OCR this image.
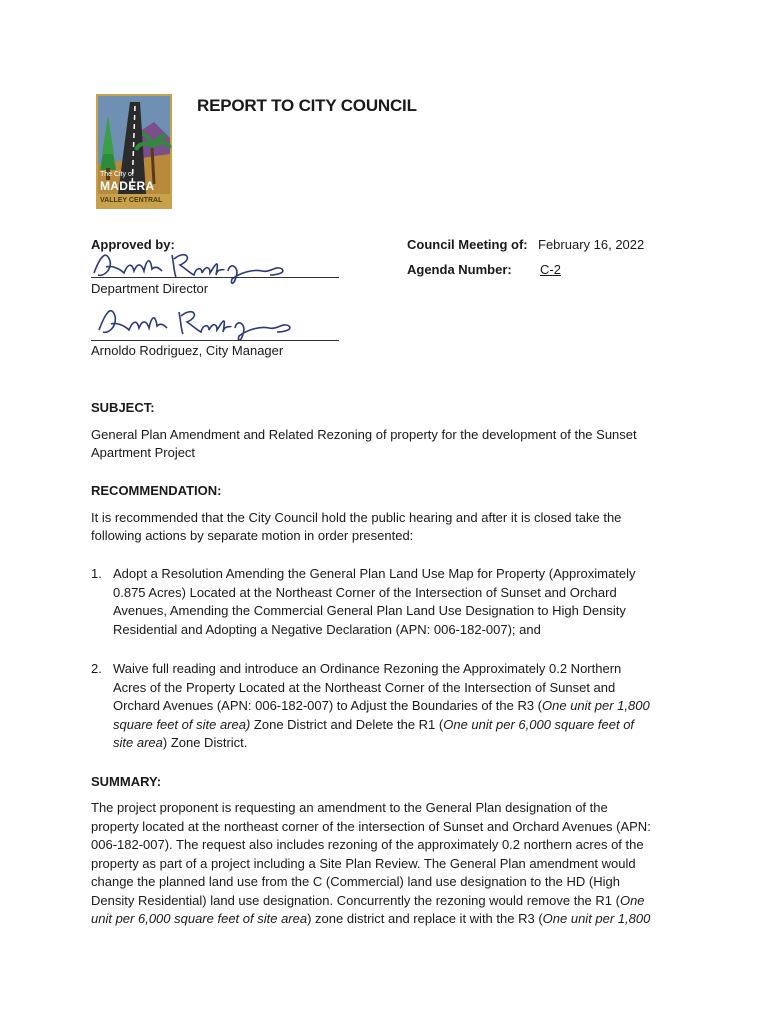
The City of
MADERA
VALLEY CENTRAL
REPORT TO CITY COUNCIL
Approved by:
Department Director
Arnoldo Rodriguez, City Manager
Council Meeting of: February 16, 2022
Agenda Number: C-2
SUBJECT:
General Plan Amendment and Related Rezoning of property for the development of the Sunset
Apartment Project
RECOMMENDATION:
It is recommended that the City Council hold the public hearing and after it is closed take the
following actions by separate motion in order presented:
1. Adopt a Resolution Amending the General Plan Land Use Map for Property (Approximately
0.875 Acres) Located at the Northeast Corner of the Intersection of Sunset and Orchard
Avenues, Amending the Commercial General Plan Land Use Designation to High Density
Residential and Adopting a Negative Declaration (APN: 006-182-007); and
2. Waive full reading and introduce an Ordinance Rezoning the Approximately 0.2 Northern
Acres of the Property Located at the Northeast Corner of the Intersection of Sunset and
Orchard Avenues (APN: 006-182-007) to Adjust the Boundaries of the R3 (One unit per 1,800
square feet of site area) Zone District and Delete the R1 (One unit per 6,000 square feet of
site area) Zone District.
SUMMARY:
The project proponent is requesting an amendment to the General Plan designation of the
property located at the northeast corner of the intersection of Sunset and Orchard Avenues (APN:
006-182-007). The request also includes rezoning of the approximately 0.2 northern acres of the
property as part of a project including a Site Plan Review. The General Plan amendment would
change the planned land use from the C (Commercial) land use designation to the HD (High
Density Residential) land use designation. Concurrently the rezoning would remove the R1 (One
unit per 6,000 square feet of site area) zone district and replace it with the R3 (One unit per 1,800
